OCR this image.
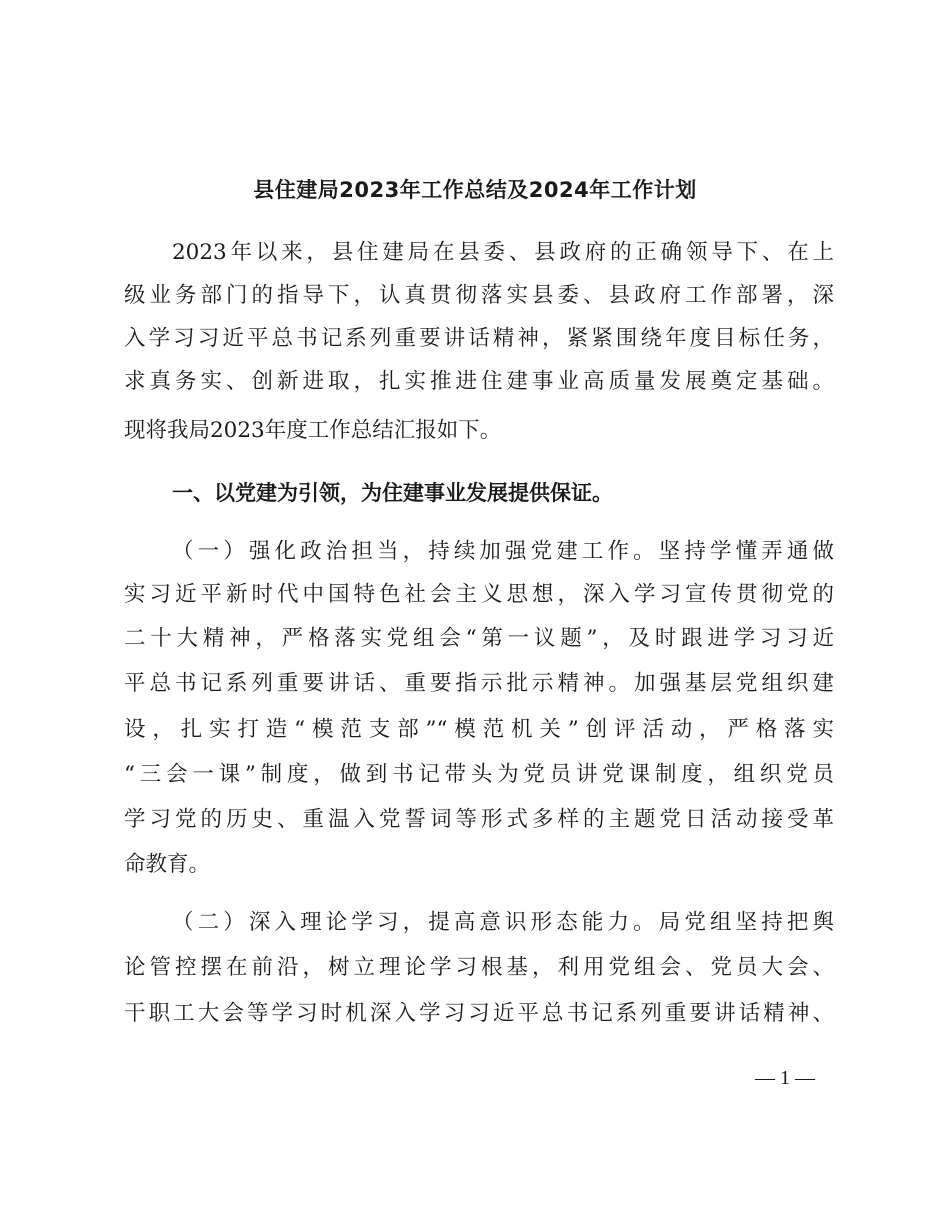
县住建局2023年工作总结及2024年工作计划
2023年以来，县住建局在县委、县政府的正确领导下、在上
级业务部门的指导下，认真贯彻落实县委、县政府工作部署，深
入学习习近平总书记系列重要讲话精神，紧紧围绕年度目标任务，
求真务实、创新进取，扎实推进住建事业高质量发展奠定基础。
现将我局2023年度工作总结汇报如下。
一、以党建为引领，为住建事业发展提供保证。
（一）强化政治担当，持续加强党建工作。坚持学懂弄通做
实习近平新时代中国特色社会主义思想，深入学习宣传贯彻党的
二十大精神，严格落实党组会“第一议题”，及时跟进学习习近
平总书记系列重要讲话、重要指示批示精神。加强基层党组织建
设，扎实打造“模范支部”“模范机关”创评活动，严格落实
“三会一课”制度，做到书记带头为党员讲党课制度，组织党员
学习党的历史、重温入党誓词等形式多样的主题党日活动接受革
命教育。
（二）深入理论学习，提高意识形态能力。局党组坚持把舆
论管控摆在前沿，树立理论学习根基，利用党组会、党员大会、
干职工大会等学习时机深入学习习近平总书记系列重要讲话精神、
— 1 —
